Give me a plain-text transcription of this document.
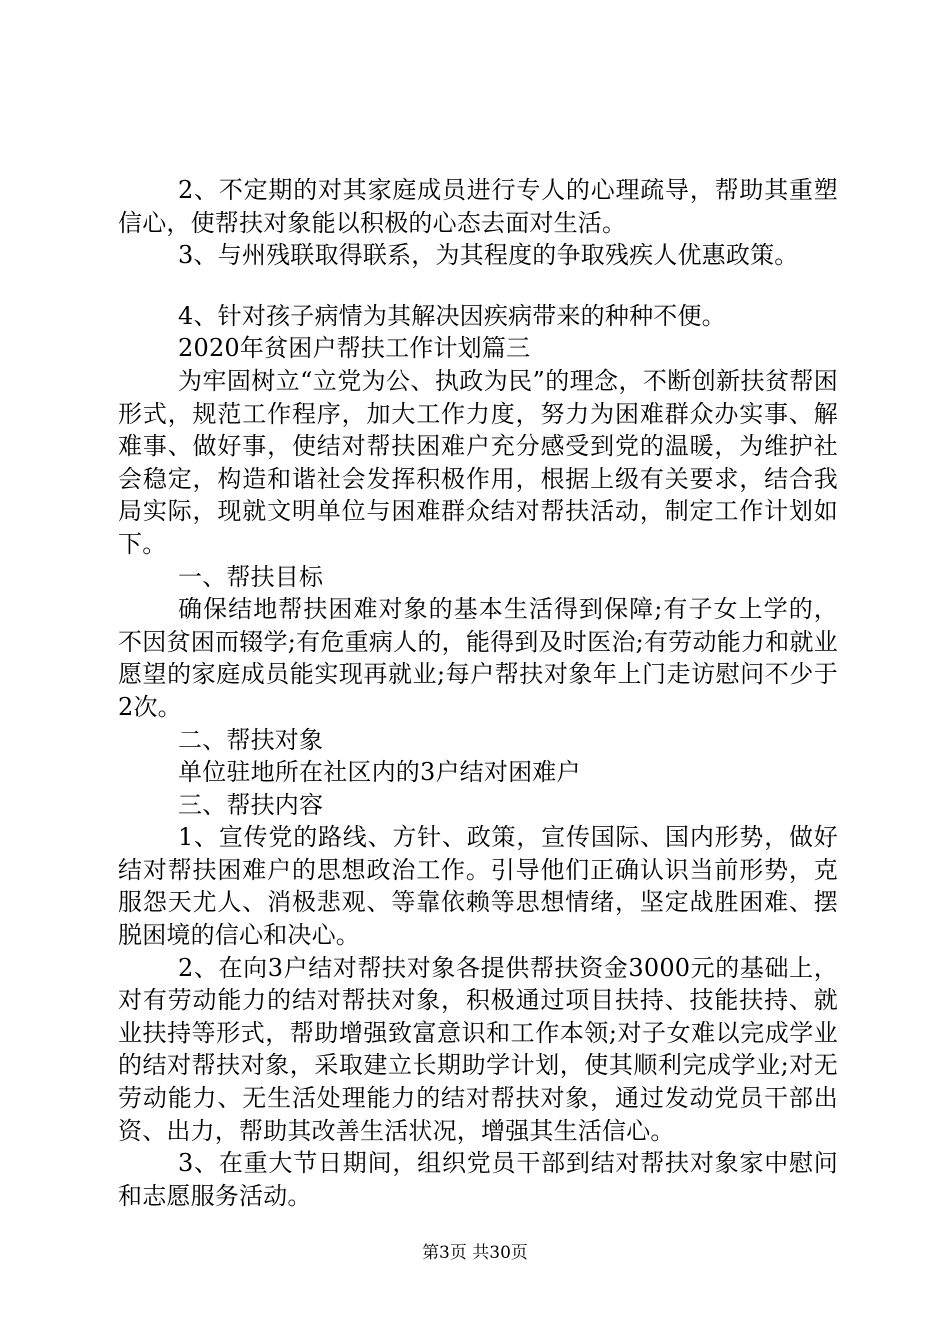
2、不定期的对其家庭成员进行专人的心理疏导，帮助其重塑信心，使帮扶对象能以积极的心态去面对生活。

3、与州残联取得联系，为其程度的争取残疾人优惠政策。

4、针对孩子病情为其解决因疾病带来的种种不便。

2020年贫困户帮扶工作计划篇三

为牢固树立“立党为公、执政为民”的理念，不断创新扶贫帮困形式，规范工作程序，加大工作力度，努力为困难群众办实事、解难事、做好事，使结对帮扶困难户充分感受到党的温暖，为维护社会稳定，构造和谐社会发挥积极作用，根据上级有关要求，结合我局实际，现就文明单位与困难群众结对帮扶活动，制定工作计划如下。

一、帮扶目标

确保结地帮扶困难对象的基本生活得到保障;有子女上学的，不因贫困而辍学;有危重病人的，能得到及时医治;有劳动能力和就业愿望的家庭成员能实现再就业;每户帮扶对象年上门走访慰问不少于2次。

二、帮扶对象

单位驻地所在社区内的3户结对困难户

三、帮扶内容

1、宣传党的路线、方针、政策，宣传国际、国内形势，做好结对帮扶困难户的思想政治工作。引导他们正确认识当前形势，克服怨天尤人、消极悲观、等靠依赖等思想情绪，坚定战胜困难、摆脱困境的信心和决心。

2、在向3户结对帮扶对象各提供帮扶资金3000元的基础上，对有劳动能力的结对帮扶对象，积极通过项目扶持、技能扶持、就业扶持等形式，帮助增强致富意识和工作本领;对子女难以完成学业的结对帮扶对象，采取建立长期助学计划，使其顺利完成学业;对无劳动能力、无生活处理能力的结对帮扶对象，通过发动党员干部出资、出力，帮助其改善生活状况，增强其生活信心。

3、在重大节日期间，组织党员干部到结对帮扶对象家中慰问和志愿服务活动。

第3页 共30页
